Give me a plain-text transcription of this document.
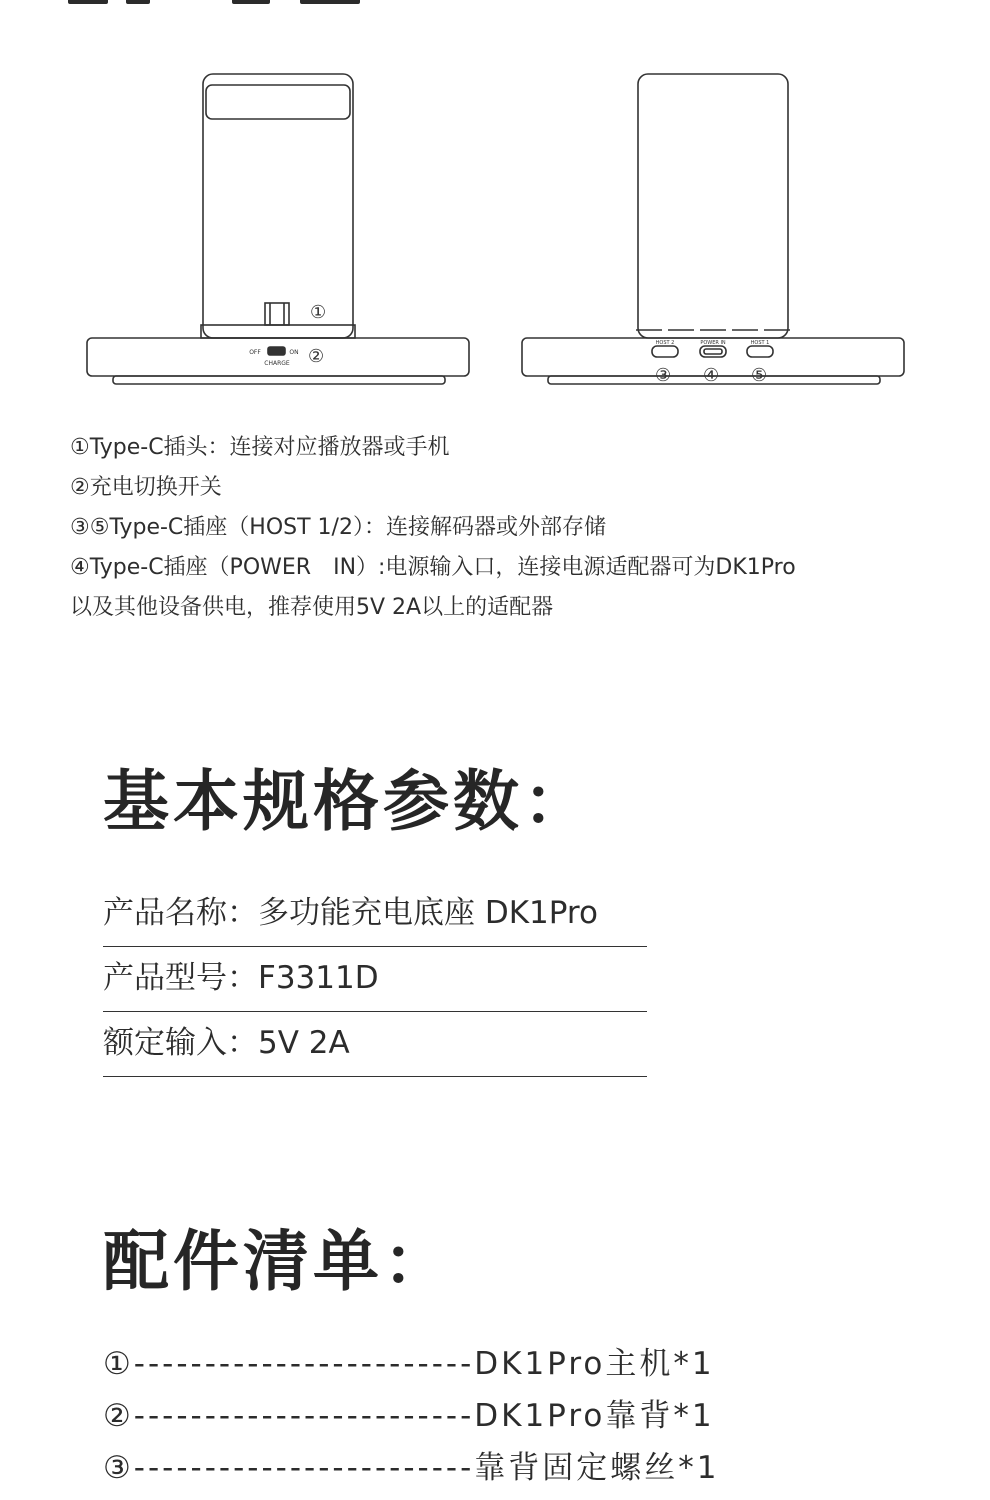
OFF	ON
CHARGE
①
②
HOST 2	POWER IN	HOST 1
③ ④ ⑤
①Type-C插头：连接对应播放器或手机
②充电切换开关
③⑤Type-C插座（HOST 1/2）：连接解码器或外部存储
④Type-C插座（POWER　IN）:电源输入口，连接电源适配器可为DK1Pro
以及其他设备供电，推荐使用5V 2A以上的适配器
基本规格参数：
产品名称：多功能充电底座 DK1Pro
产品型号：F3311D
额定输入：5V 2A
配件清单：
①------------------------DK1Pro主机*1
②------------------------DK1Pro靠背*1
③------------------------靠背固定螺丝*1
